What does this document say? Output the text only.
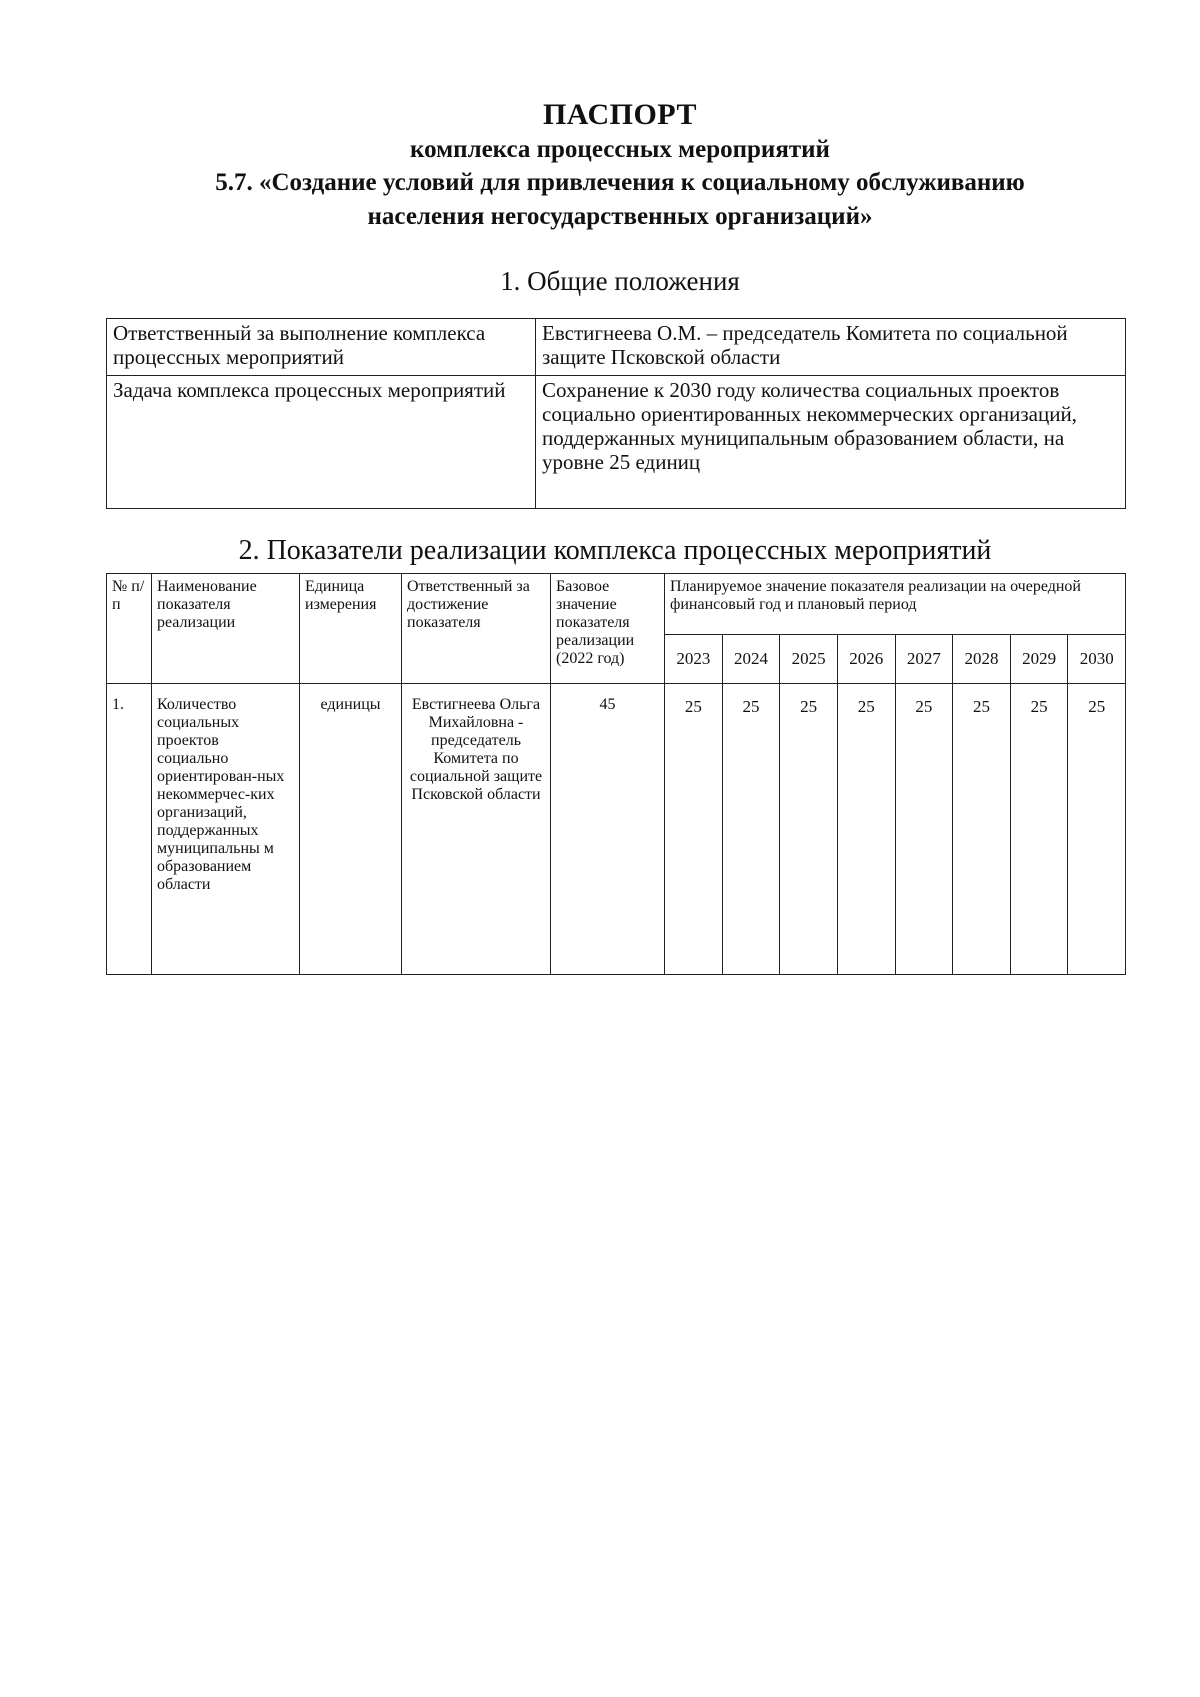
ПАСПОРТ
комплекса процессных мероприятий
5.7. «Создание условий для привлечения к социальному обслуживанию
населения негосударственных организаций»
1. Общие положения
Ответственный за выполнение комплекса процессных мероприятий	Евстигнеева О.М. – председатель Комитета по социальной защите Псковской области
Задача комплекса процессных мероприятий	Сохранение к 2030 году количества социальных проектов социально ориентированных некоммерческих организаций, поддержанных муниципальным образованием области, на уровне 25 единиц
2. Показатели реализации комплекса процессных мероприятий
№ п/п	Наименование показателя реализации	Единица измерения	Ответственный за достижение показателя	Базовое значение показателя реализации (2022 год)	Планируемое значение показателя реализации на очередной финансовый год и плановый период							
					2023	2024	2025	2026	2027	2028	2029	2030
1.	Количество социальных проектов социально ориентирован-ных некоммерчес-ких организаций, поддержанных муниципальны м образованием области	единицы	Евстигнеева Ольга Михайловна - председатель Комитета по социальной защите Псковской области	45	25	25	25	25	25	25	25	25
